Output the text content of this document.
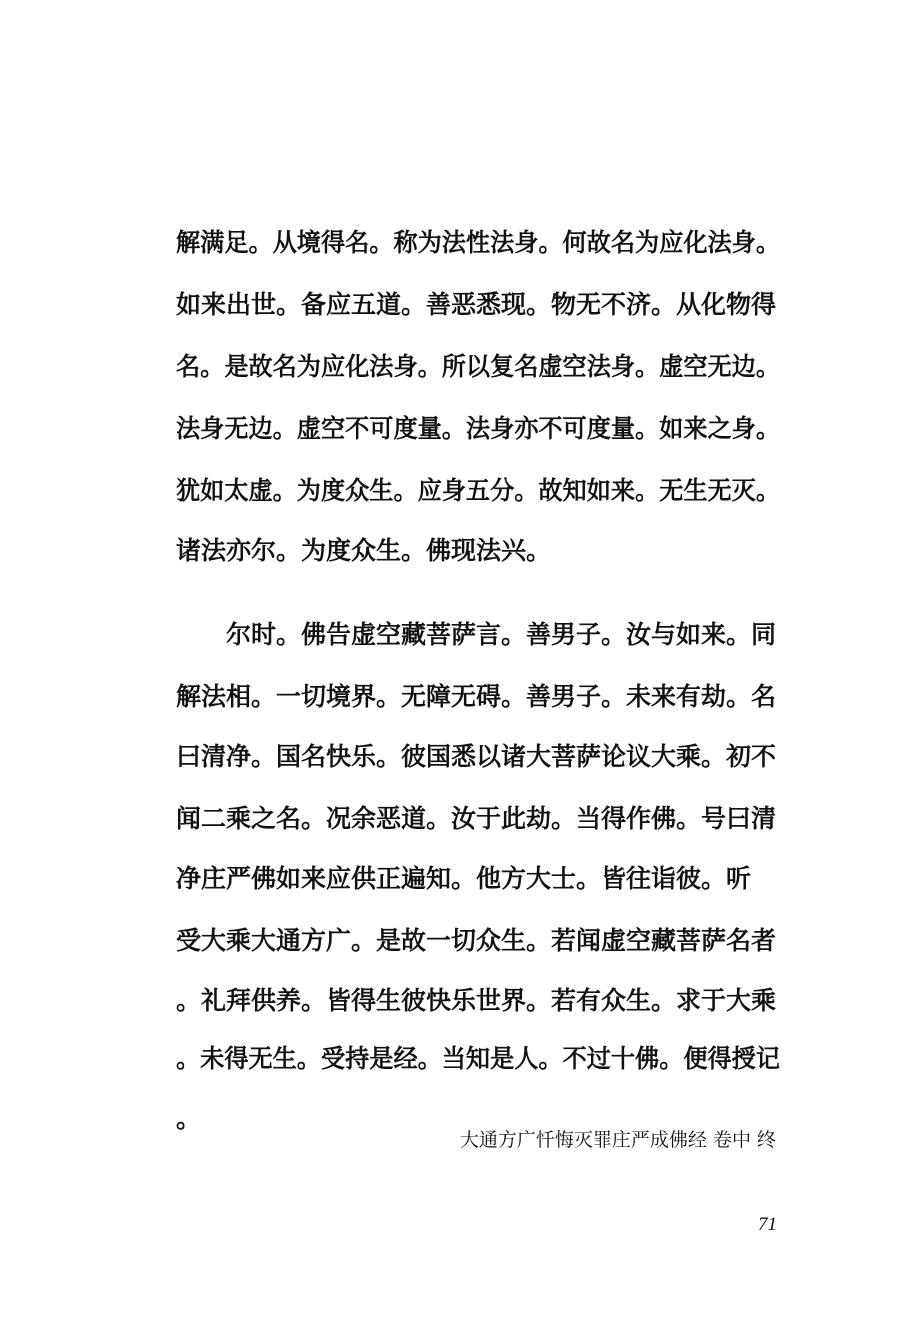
解满足。从境得名。称为法性法身。何故名为应化法身。
如来出世。备应五道。善恶悉现。物无不济。从化物得
名。是故名为应化法身。所以复名虚空法身。虚空无边。
法身无边。虚空不可度量。法身亦不可度量。如来之身。
犹如太虚。为度众生。应身五分。故知如来。无生无灭。
诸法亦尔。为度众生。佛现法兴。
尔时。佛告虚空藏菩萨言。善男子。汝与如来。同
解法相。一切境界。无障无碍。善男子。未来有劫。名
曰清净。国名快乐。彼国悉以诸大菩萨论议大乘。初不
闻二乘之名。况余恶道。汝于此劫。当得作佛。号曰清
净庄严佛如来应供正遍知。他方大士。皆往诣彼。听
受大乘大通方广。是故一切众生。若闻虚空藏菩萨名者
。礼拜供养。皆得生彼快乐世界。若有众生。求于大乘
。未得无生。受持是经。当知是人。不过十佛。便得授记
。
大通方广忏悔灭罪庄严成佛经 卷中 终
71
